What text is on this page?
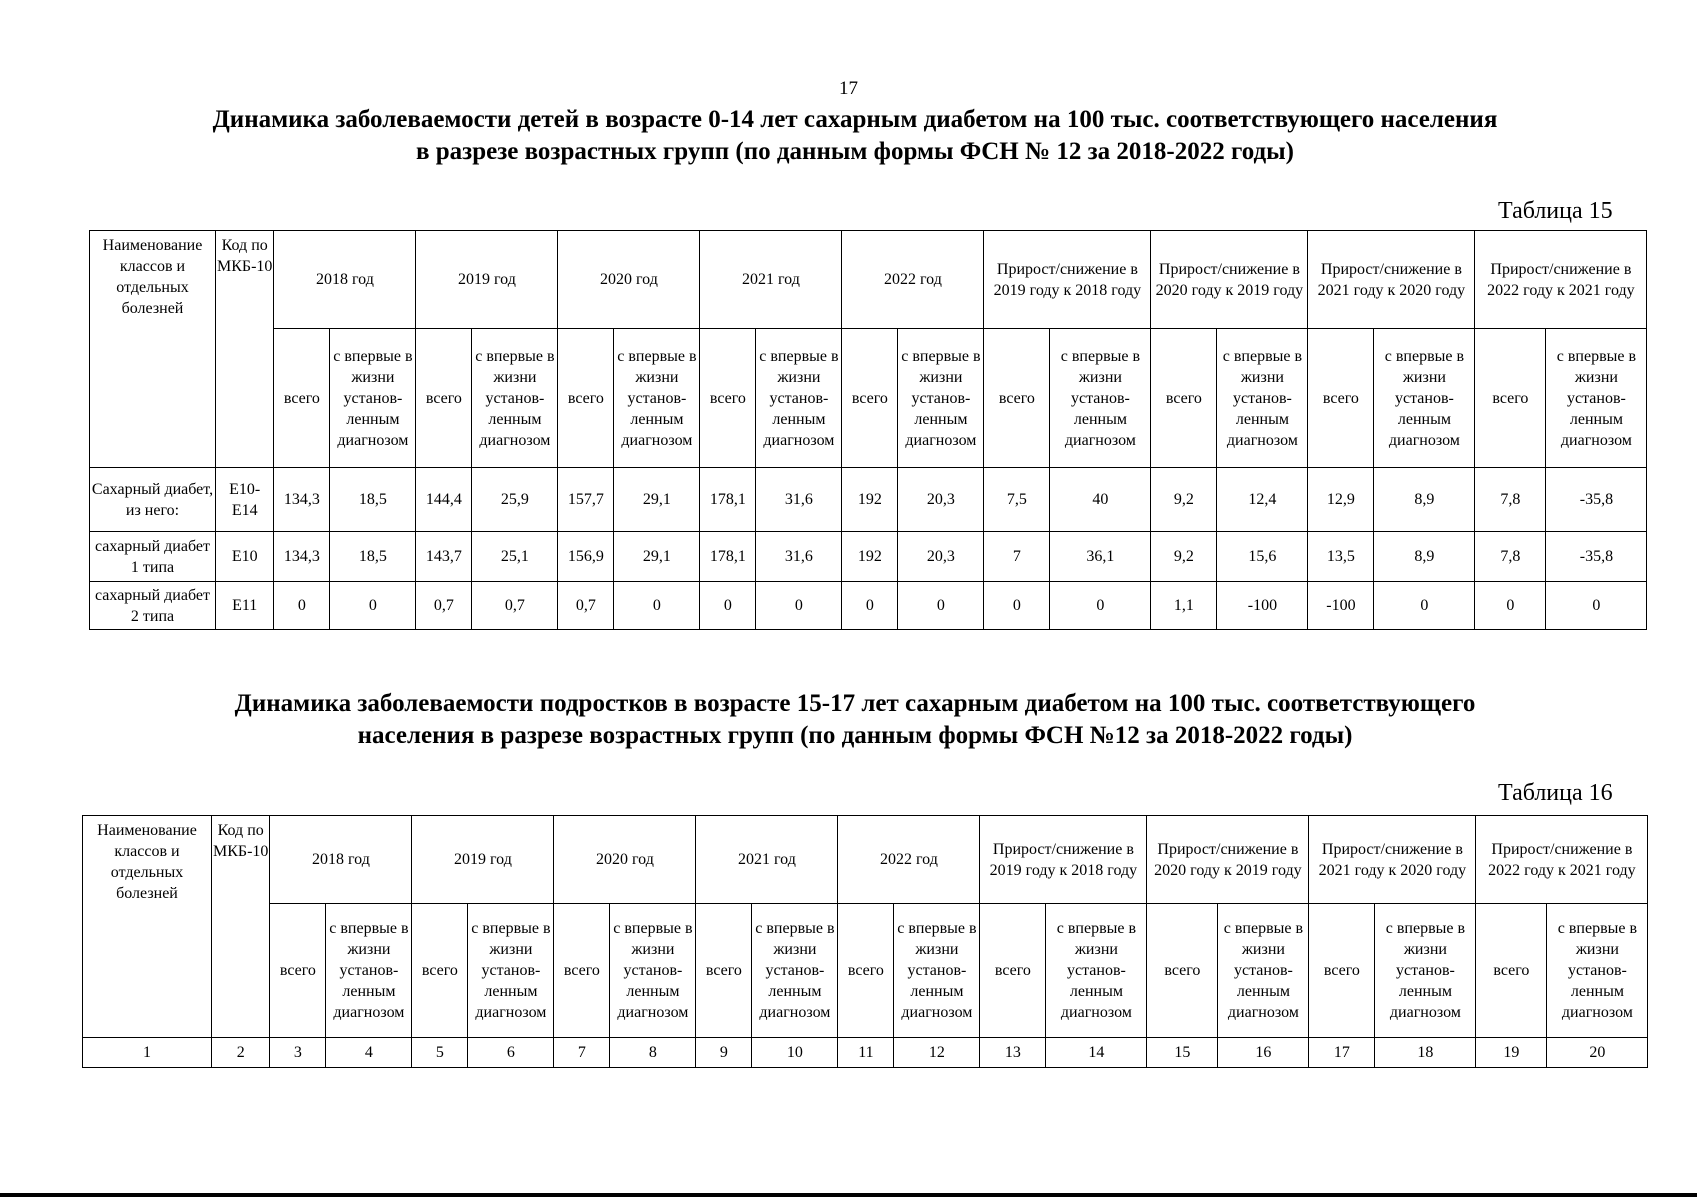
17
Динамика заболеваемости детей в возрасте 0-14 лет сахарным диабетом на 100 тыс. соответствующего населения
в разрезе возрастных групп (по данным формы ФСН № 12 за 2018-2022 годы)
Таблица 15
Наименование классов и отдельных болезней	Код по МКБ-10	2018 год		2019 год		2020 год		2021 год		2022 год		Прирост/снижение в 2019 году к 2018 году		Прирост/снижение в 2020 году к 2019 году		Прирост/снижение в 2021 году к 2020 году		Прирост/снижение в 2022 году к 2021 году	
		всего	с впервые в жизни установ-ленным диагнозом	всего	с впервые в жизни установ-ленным диагнозом	всего	с впервые в жизни установ-ленным диагнозом	всего	с впервые в жизни установ-ленным диагнозом	всего	с впервые в жизни установ-ленным диагнозом	всего	с впервые в жизни установ-ленным диагнозом	всего	с впервые в жизни установ-ленным диагнозом	всего	с впервые в жизни установ-ленным диагнозом	всего	с впервые в жизни установ-ленным диагнозом
Сахарный диабет, из него:	E10-E14	134,3	18,5	144,4	25,9	157,7	29,1	178,1	31,6	192	20,3	7,5	40	9,2	12,4	12,9	8,9	7,8	-35,8
сахарный диабет 1 типа	E10	134,3	18,5	143,7	25,1	156,9	29,1	178,1	31,6	192	20,3	7	36,1	9,2	15,6	13,5	8,9	7,8	-35,8
сахарный диабет 2 типа	E11	0	0	0,7	0,7	0,7	0	0	0	0	0	0	0	1,1	-100	-100	0	0	0
Динамика заболеваемости подростков в возрасте 15-17 лет сахарным диабетом на 100 тыс. соответствующего
населения в разрезе возрастных групп (по данным формы ФСН №12 за 2018-2022 годы)
Таблица 16
Наименование классов и отдельных болезней	Код по МКБ-10	2018 год		2019 год		2020 год		2021 год		2022 год		Прирост/снижение в 2019 году к 2018 году		Прирост/снижение в 2020 году к 2019 году		Прирост/снижение в 2021 году к 2020 году		Прирост/снижение в 2022 году к 2021 году	
		всего	с впервые в жизни установ-ленным диагнозом	всего	с впервые в жизни установ-ленным диагнозом	всего	с впервые в жизни установ-ленным диагнозом	всего	с впервые в жизни установ-ленным диагнозом	всего	с впервые в жизни установ-ленным диагнозом	всего	с впервые в жизни установ-ленным диагнозом	всего	с впервые в жизни установ-ленным диагнозом	всего	с впервые в жизни установ-ленным диагнозом	всего	с впервые в жизни установ-ленным диагнозом
1	2	3	4	5	6	7	8	9	10	11	12	13	14	15	16	17	18	19	20
